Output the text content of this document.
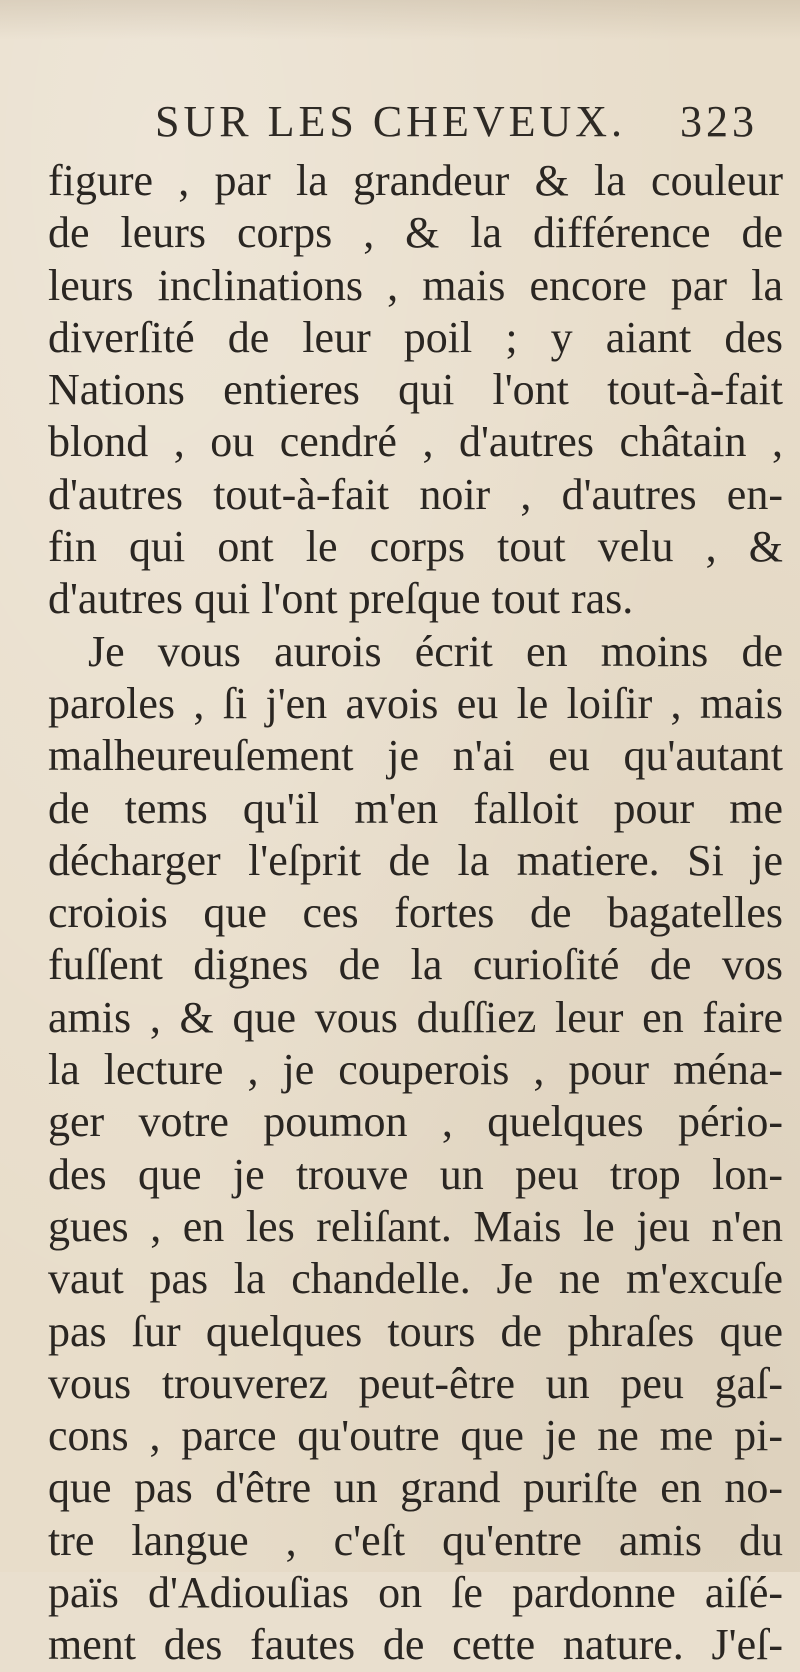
SUR LES CHEVEUX. 323
figure , par la grandeur & la couleur
de leurs corps , & la différence de
leurs inclinations , mais encore par la
diverſité de leur poil ; y aiant des
Nations entieres qui l'ont tout-à-fait
blond , ou cendré , d'autres châtain ,
d'autres tout-à-fait noir , d'autres en-
fin qui ont le corps tout velu , &
d'autres qui l'ont preſque tout ras.
Je vous aurois écrit en moins de
paroles , ſi j'en avois eu le loiſir , mais
malheureuſement je n'ai eu qu'autant
de tems qu'il m'en falloit pour me
décharger l'eſprit de la matiere. Si je
croiois que ces fortes de bagatelles
fuſſent dignes de la curioſité de vos
amis , & que vous duſſiez leur en faire
la lecture , je couperois , pour ména-
ger votre poumon , quelques pério-
des que je trouve un peu trop lon-
gues , en les reliſant. Mais le jeu n'en
vaut pas la chandelle. Je ne m'excuſe
pas ſur quelques tours de phraſes que
vous trouverez peut-être un peu gaſ-
cons , parce qu'outre que je ne me pi-
que pas d'être un grand puriſte en no-
tre langue , c'eſt qu'entre amis du
païs d'Adiouſias on ſe pardonne aiſé-
ment des fautes de cette nature. J'eſ-
